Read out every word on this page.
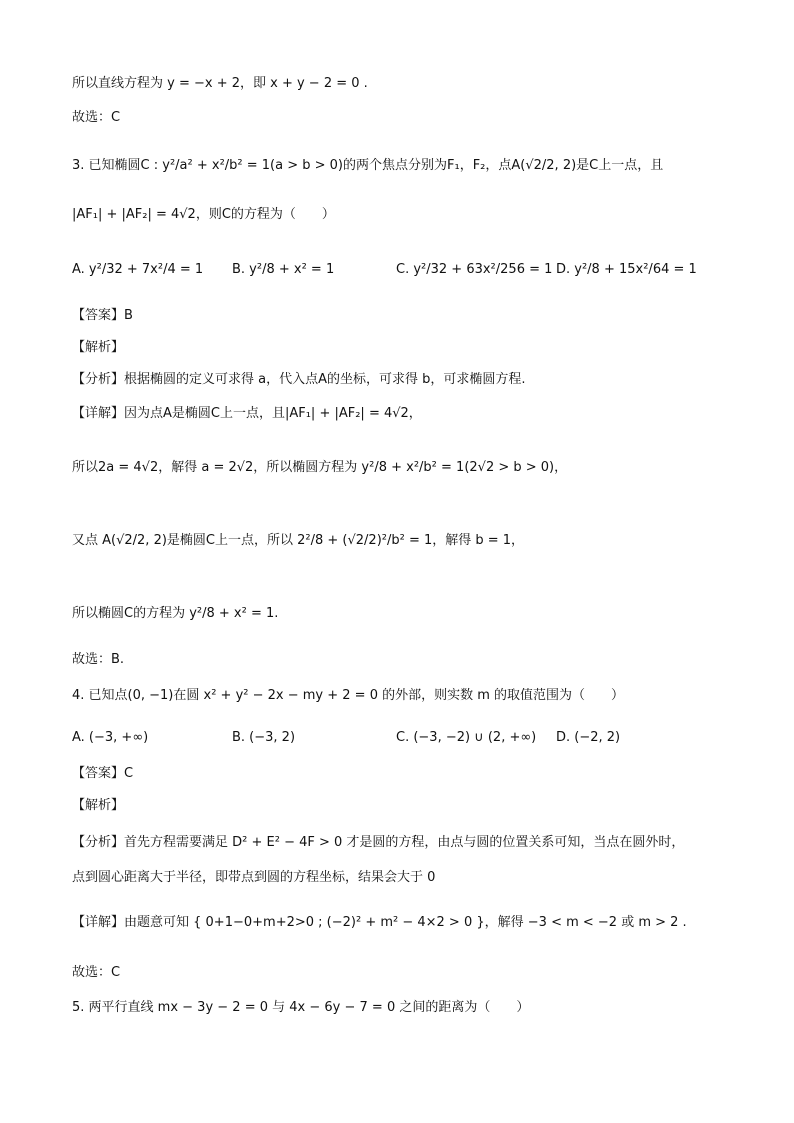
所以直线方程为 y = −x + 2，即 x + y − 2 = 0 .
故选：C
3. 已知椭圆C : y²/a² + x²/b² = 1(a > b > 0)的两个焦点分别为F₁，F₂，点A(√2/2, 2)是C上一点，且
|AF₁| + |AF₂| = 4√2，则C的方程为（　　）
A. y²/32 + 7x²/4 = 1 B. y²/8 + x² = 1	C. y²/32 + 63x²/256 = 1 D. y²/8 + 15x²/64 = 1
【答案】B
【解析】
【分析】根据椭圆的定义可求得 a，代入点A的坐标，可求得 b，可求椭圆方程.
【详解】因为点A是椭圆C上一点，且|AF₁| + |AF₂| = 4√2，
所以2a = 4√2，解得 a = 2√2，所以椭圆方程为 y²/8 + x²/b² = 1(2√2 > b > 0)，
又点 A(√2/2, 2)是椭圆C上一点，所以 2²/8 + (√2/2)²/b² = 1，解得 b = 1，
所以椭圆C的方程为 y²/8 + x² = 1.
故选：B.
4. 已知点(0, −1)在圆 x² + y² − 2x − my + 2 = 0 的外部，则实数 m 的取值范围为（　　）
A. (−3, +∞)	B. (−3, 2)	C. (−3, −2) ∪ (2, +∞) D. (−2, 2)
【答案】C
【解析】
【分析】首先方程需要满足 D² + E² − 4F > 0 才是圆的方程，由点与圆的位置关系可知，当点在圆外时，
点到圆心距离大于半径，即带点到圆的方程坐标，结果会大于 0
【详解】由题意可知 { 0+1−0+m+2>0 ; (−2)² + m² − 4×2 > 0 }，解得 −3 < m < −2 或 m > 2 .
故选：C
5. 两平行直线 mx − 3y − 2 = 0 与 4x − 6y − 7 = 0 之间的距离为（　　）
